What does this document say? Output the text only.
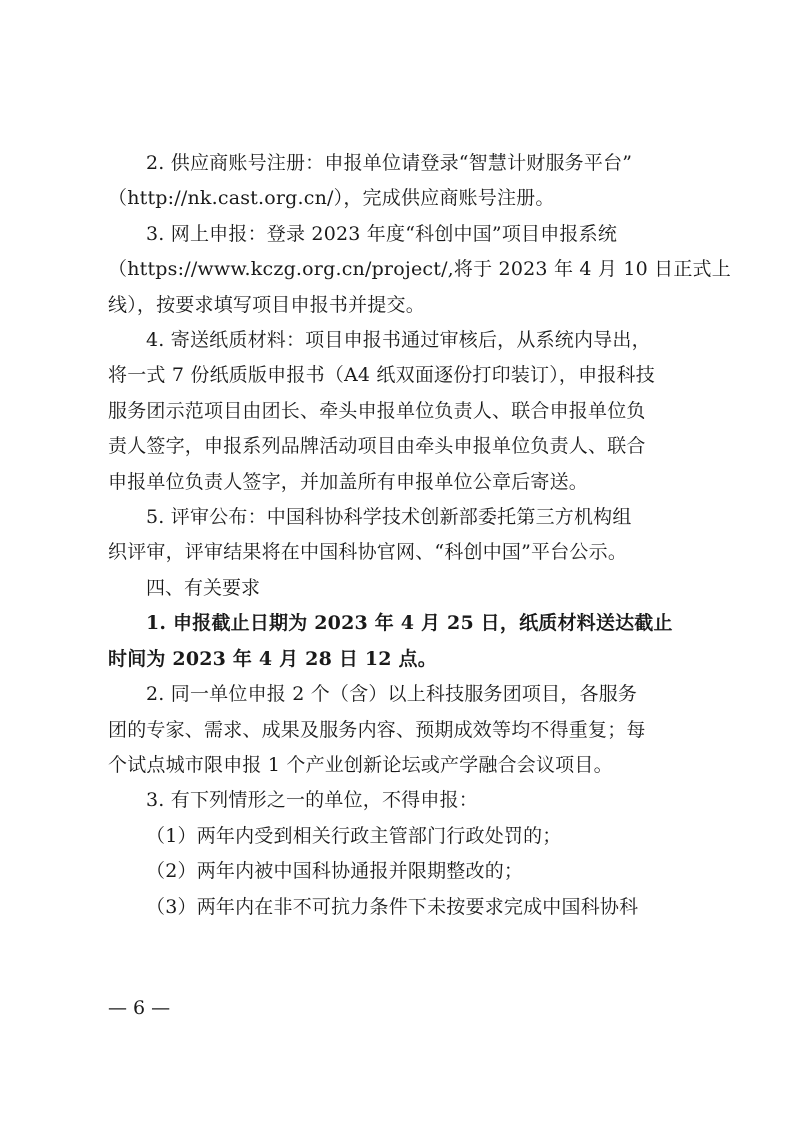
2. 供应商账号注册：申报单位请登录“智慧计财服务平台”
（http://nk.cast.org.cn/），完成供应商账号注册。
3. 网上申报：登录 2023 年度“科创中国”项目申报系统
（https://www.kczg.org.cn/project/,将于 2023 年 4 月 10 日正式上
线），按要求填写项目申报书并提交。
4. 寄送纸质材料：项目申报书通过审核后，从系统内导出，
将一式 7 份纸质版申报书（A4 纸双面逐份打印装订），申报科技
服务团示范项目由团长、牵头申报单位负责人、联合申报单位负
责人签字，申报系列品牌活动项目由牵头申报单位负责人、联合
申报单位负责人签字，并加盖所有申报单位公章后寄送。
5. 评审公布：中国科协科学技术创新部委托第三方机构组
织评审，评审结果将在中国科协官网、“科创中国”平台公示。
四、有关要求
1. 申报截止日期为 2023 年 4 月 25 日，纸质材料送达截止
时间为 2023 年 4 月 28 日 12 点。
2. 同一单位申报 2 个（含）以上科技服务团项目，各服务
团的专家、需求、成果及服务内容、预期成效等均不得重复；每
个试点城市限申报 1 个产业创新论坛或产学融合会议项目。
3. 有下列情形之一的单位，不得申报：
（1）两年内受到相关行政主管部门行政处罚的；
（2）两年内被中国科协通报并限期整改的；
（3）两年内在非不可抗力条件下未按要求完成中国科协科
— 6 —
